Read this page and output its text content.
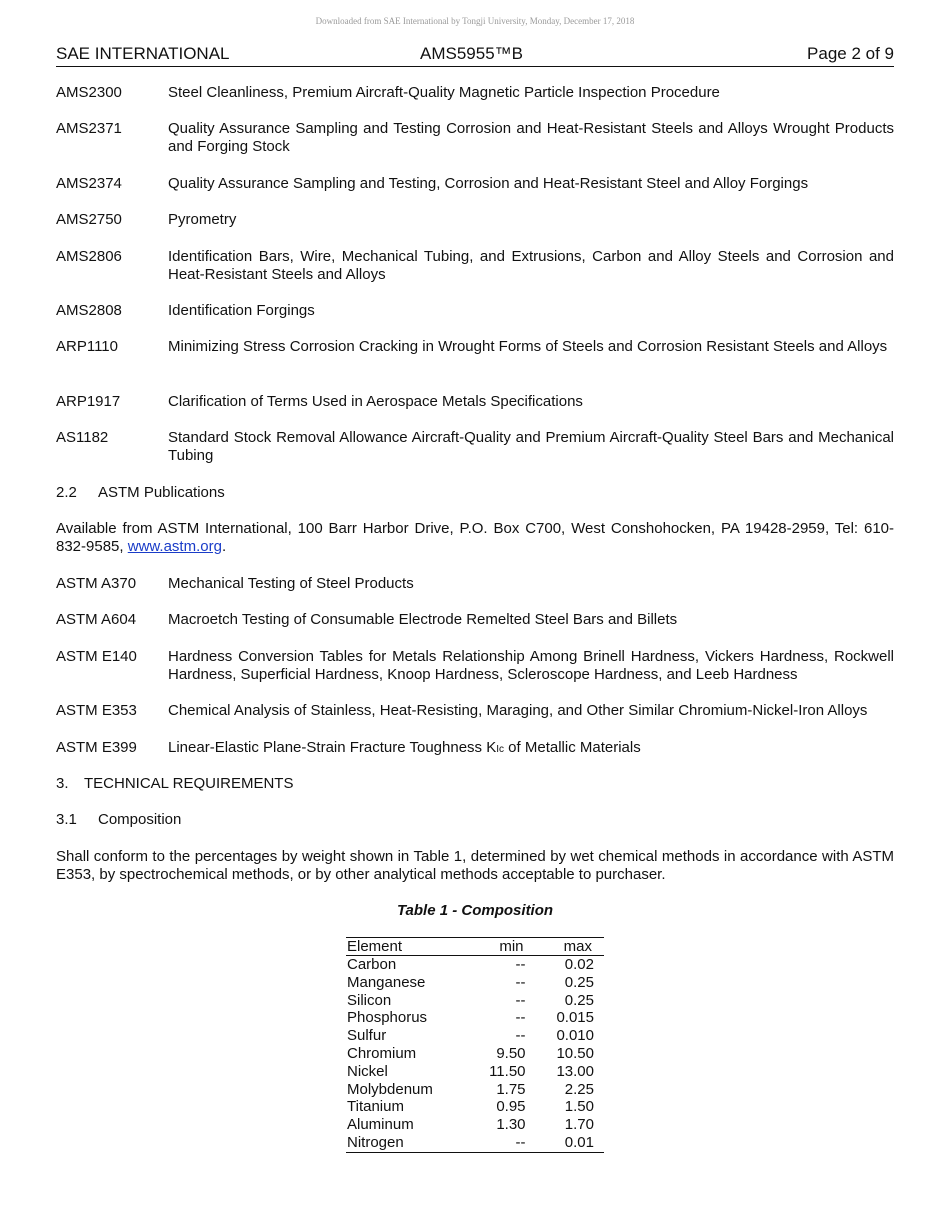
Downloaded from SAE International by Tongji University, Monday, December 17, 2018
SAE INTERNATIONAL	AMS5955™B	Page 2 of 9
AMS2300	Steel Cleanliness, Premium Aircraft-Quality Magnetic Particle Inspection Procedure
AMS2371	Quality Assurance Sampling and Testing Corrosion and Heat-Resistant Steels and Alloys Wrought Products and Forging Stock
AMS2374	Quality Assurance Sampling and Testing, Corrosion and Heat-Resistant Steel and Alloy Forgings
AMS2750	Pyrometry
AMS2806	Identification Bars, Wire, Mechanical Tubing, and Extrusions, Carbon and Alloy Steels and Corrosion and Heat-Resistant Steels and Alloys
AMS2808	Identification Forgings
ARP1110	Minimizing Stress Corrosion Cracking in Wrought Forms of Steels and Corrosion Resistant Steels and Alloys
ARP1917	Clarification of Terms Used in Aerospace Metals Specifications
AS1182	Standard Stock Removal Allowance Aircraft-Quality and Premium Aircraft-Quality Steel Bars and Mechanical Tubing
2.2 ASTM Publications
Available from ASTM International, 100 Barr Harbor Drive, P.O. Box C700, West Conshohocken, PA 19428-2959, Tel: 610-832-9585, www.astm.org.
ASTM A370	Mechanical Testing of Steel Products
ASTM A604	Macroetch Testing of Consumable Electrode Remelted Steel Bars and Billets
ASTM E140	Hardness Conversion Tables for Metals Relationship Among Brinell Hardness, Vickers Hardness, Rockwell Hardness, Superficial Hardness, Knoop Hardness, Scleroscope Hardness, and Leeb Hardness
ASTM E353	Chemical Analysis of Stainless, Heat-Resisting, Maraging, and Other Similar Chromium-Nickel-Iron Alloys
ASTM E399	Linear-Elastic Plane-Strain Fracture Toughness KIc of Metallic Materials
3. TECHNICAL REQUIREMENTS
3.1 Composition
Shall conform to the percentages by weight shown in Table 1, determined by wet chemical methods in accordance with ASTM E353, by spectrochemical methods, or by other analytical methods acceptable to purchaser.
Table 1 - Composition
Element	min	max
Carbon	--	0.02
Manganese	--	0.25
Silicon	--	0.25
Phosphorus	--	0.015
Sulfur	--	0.010
Chromium	9.50	10.50
Nickel	11.50	13.00
Molybdenum	1.75	2.25
Titanium	0.95	1.50
Aluminum	1.30	1.70
Nitrogen	--	0.01
